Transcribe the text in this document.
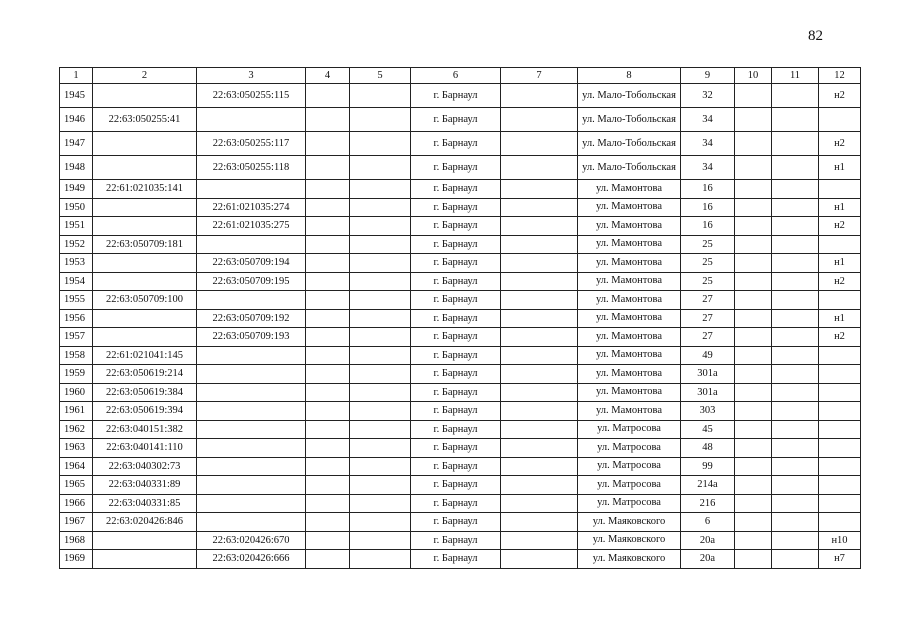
82
1	2	3	4	5	6	7	8	9	10	11	12
1945		22:63:050255:115			г. Барнаул		ул. Мало-Тобольская	32			н2
1946	22:63:050255:41				г. Барнаул		ул. Мало-Тобольская	34			
1947		22:63:050255:117			г. Барнаул		ул. Мало-Тобольская	34			н2
1948		22:63:050255:118			г. Барнаул		ул. Мало-Тобольская	34			н1
1949	22:61:021035:141				г. Барнаул		ул. Мамонтова	16			
1950		22:61:021035:274			г. Барнаул		ул. Мамонтова	16			н1
1951		22:61:021035:275			г. Барнаул		ул. Мамонтова	16			н2
1952	22:63:050709:181				г. Барнаул		ул. Мамонтова	25			
1953		22:63:050709:194			г. Барнаул		ул. Мамонтова	25			н1
1954		22:63:050709:195			г. Барнаул		ул. Мамонтова	25			н2
1955	22:63:050709:100				г. Барнаул		ул. Мамонтова	27			
1956		22:63:050709:192			г. Барнаул		ул. Мамонтова	27			н1
1957		22:63:050709:193			г. Барнаул		ул. Мамонтова	27			н2
1958	22:61:021041:145				г. Барнаул		ул. Мамонтова	49			
1959	22:63:050619:214				г. Барнаул		ул. Мамонтова	301а			
1960	22:63:050619:384				г. Барнаул		ул. Мамонтова	301а			
1961	22:63:050619:394				г. Барнаул		ул. Мамонтова	303			
1962	22:63:040151:382				г. Барнаул		ул. Матросова	45			
1963	22:63:040141:110				г. Барнаул		ул. Матросова	48			
1964	22:63:040302:73				г. Барнаул		ул. Матросова	99			
1965	22:63:040331:89				г. Барнаул		ул. Матросова	214а			
1966	22:63:040331:85				г. Барнаул		ул. Матросова	216			
1967	22:63:020426:846				г. Барнаул		ул. Маяковского	6			
1968		22:63:020426:670			г. Барнаул		ул. Маяковского	20а			н10
1969		22:63:020426:666			г. Барнаул		ул. Маяковского	20а			н7
